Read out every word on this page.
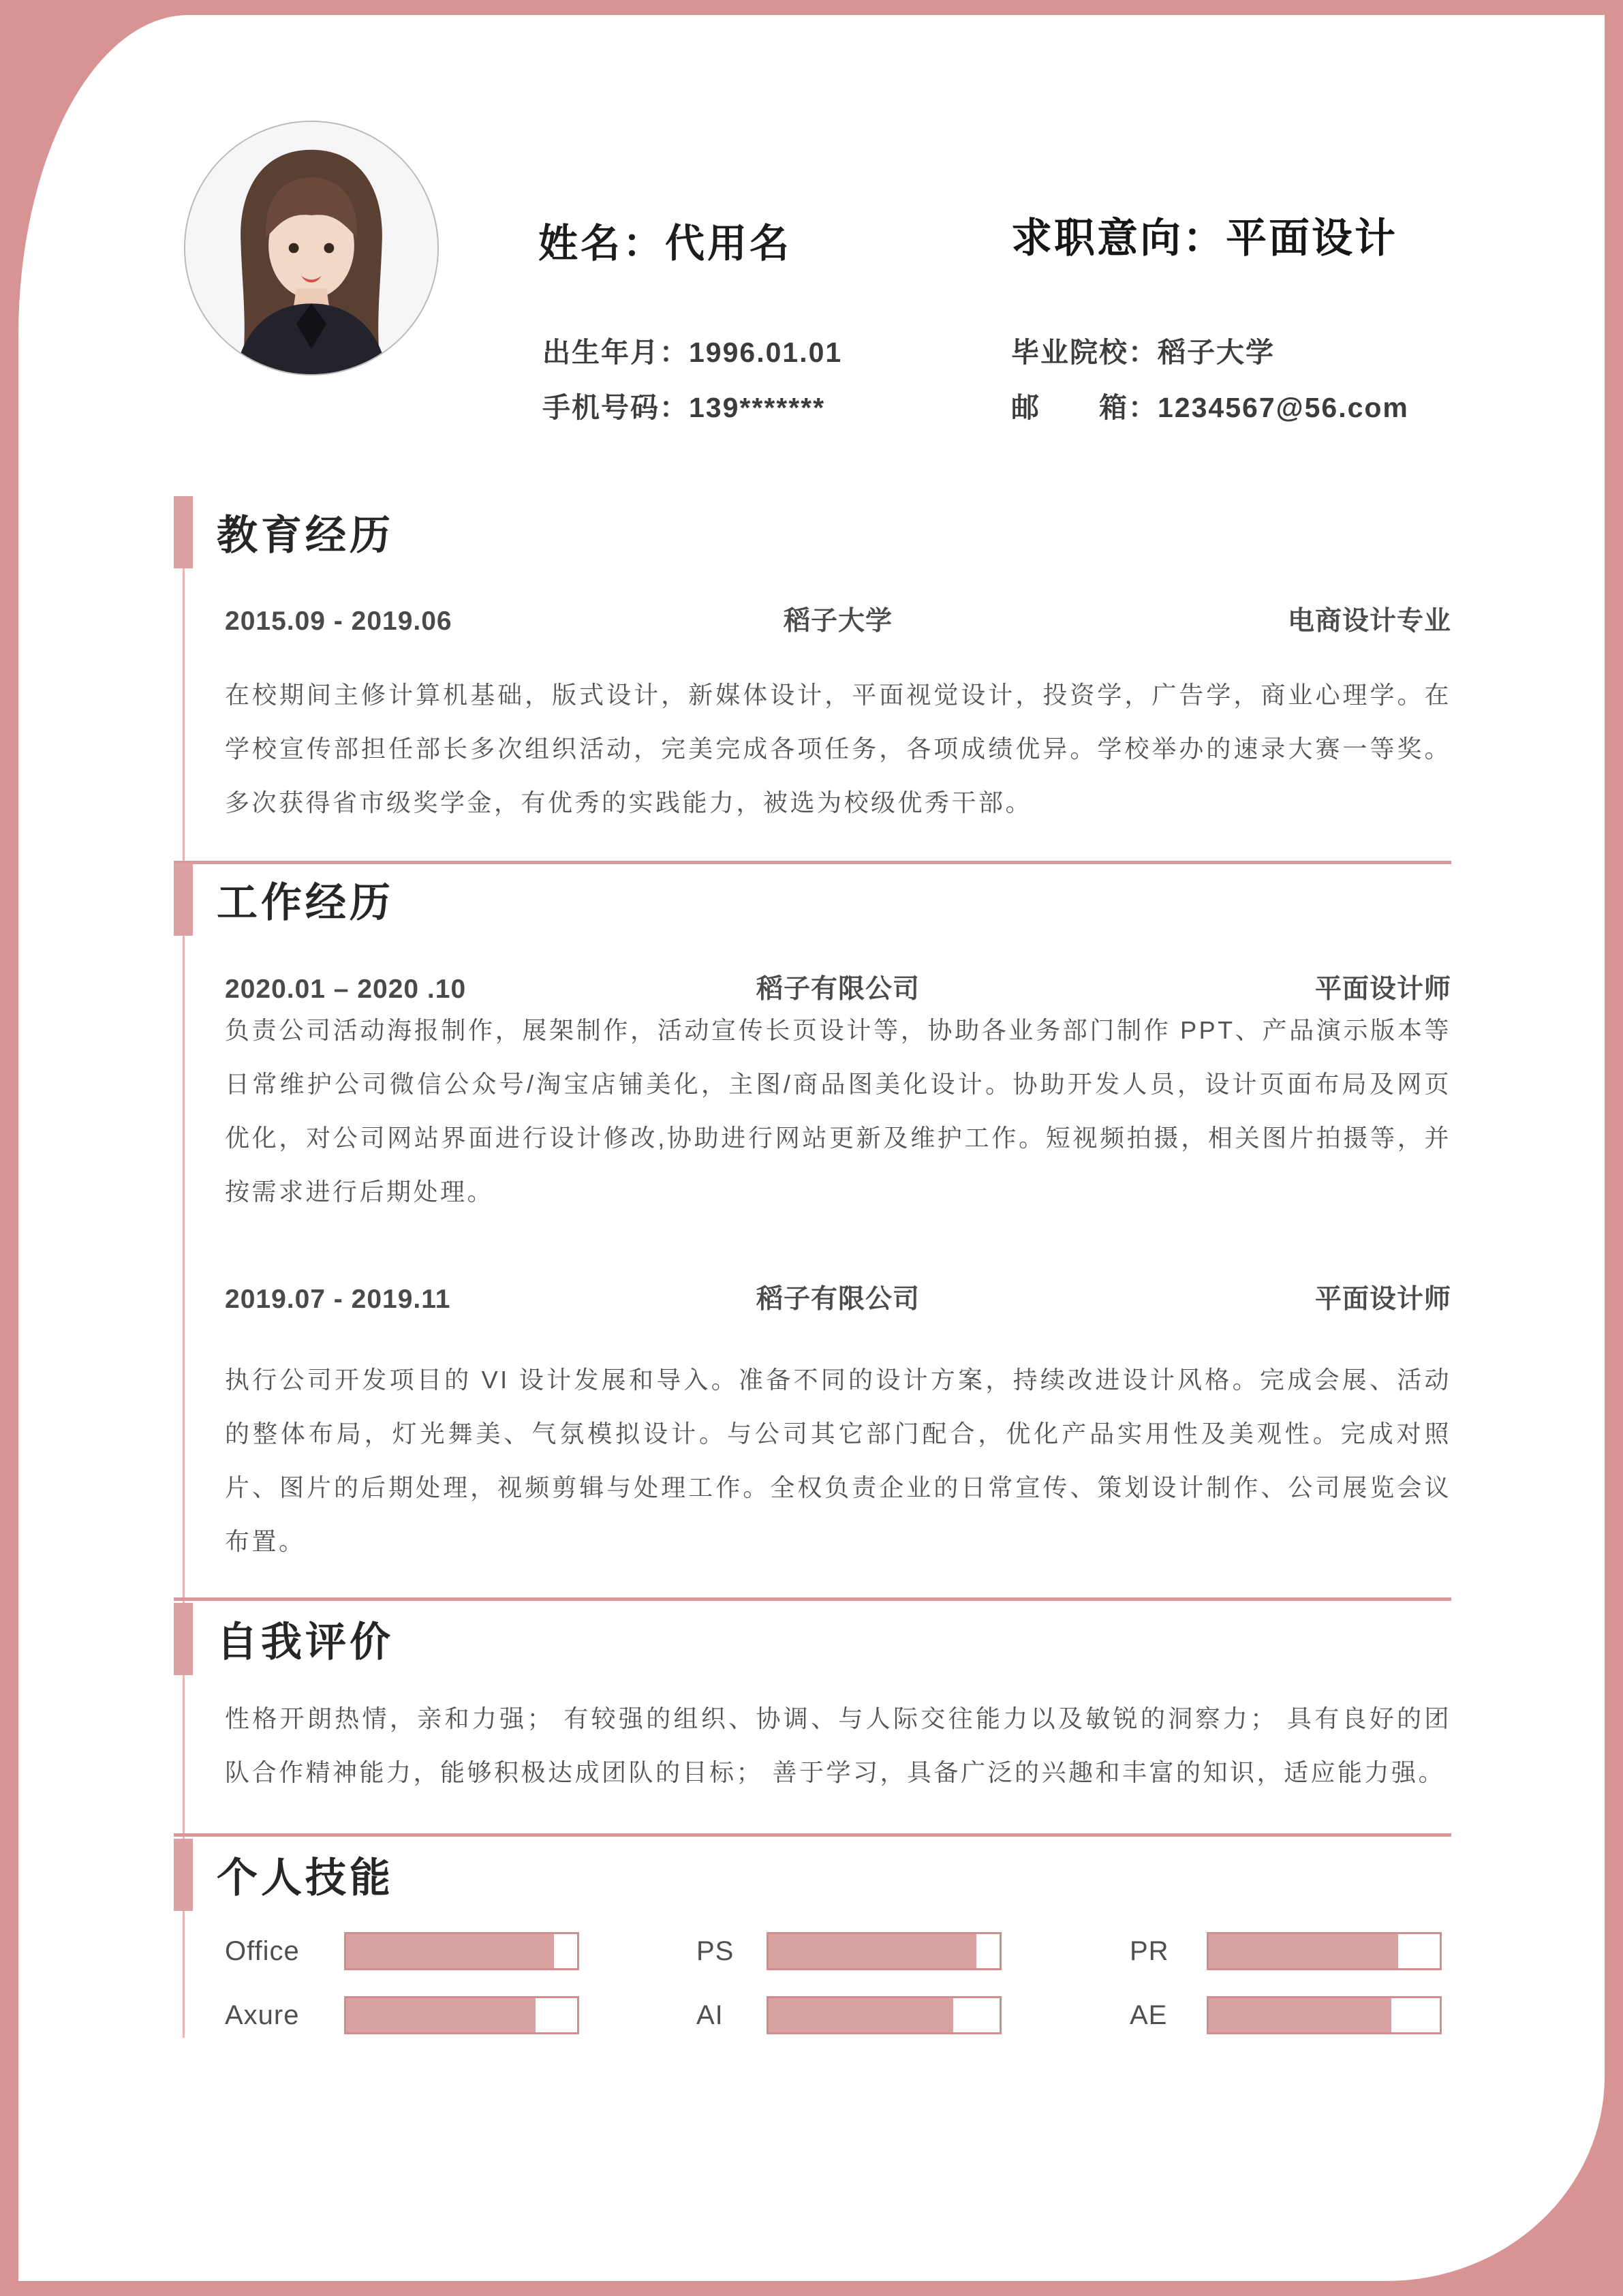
姓名：代用名	求职意向：平面设计
出生年月：1996.01.01
手机号码：139*******
毕业院校：稻子大学
邮　　箱：1234567@56.com
教育经历
2015.09 - 2019.06	稻子大学	电商设计专业
在校期间主修计算机基础，版式设计，新媒体设计，平面视觉设计，投资学，广告学，商业心理学。在学校宣传部担任部长多次组织活动，完美完成各项任务，各项成绩优异。学校举办的速录大赛一等奖。多次获得省市级奖学金，有优秀的实践能力，被选为校级优秀干部。
工作经历
2020.01 – 2020 .10	稻子有限公司	平面设计师
负责公司活动海报制作，展架制作，活动宣传长页设计等，协助各业务部门制作 PPT、产品演示版本等日常维护公司微信公众号/淘宝店铺美化，主图/商品图美化设计。协助开发人员，设计页面布局及网页优化，对公司网站界面进行设计修改,协助进行网站更新及维护工作。短视频拍摄，相关图片拍摄等，并按需求进行后期处理。
2019.07 - 2019.11	稻子有限公司	平面设计师
执行公司开发项目的 VI 设计发展和导入。准备不同的设计方案，持续改进设计风格。完成会展、活动的整体布局，灯光舞美、气氛模拟设计。与公司其它部门配合，优化产品实用性及美观性。完成对照片、图片的后期处理，视频剪辑与处理工作。全权负责企业的日常宣传、策划设计制作、公司展览会议布置。
自我评价
性格开朗热情，亲和力强； 有较强的组织、协调、与人际交往能力以及敏锐的洞察力； 具有良好的团队合作精神能力，能够积极达成团队的目标； 善于学习，具备广泛的兴趣和丰富的知识，适应能力强。
个人技能
Office	PS	PR
Axure	AI	AE
